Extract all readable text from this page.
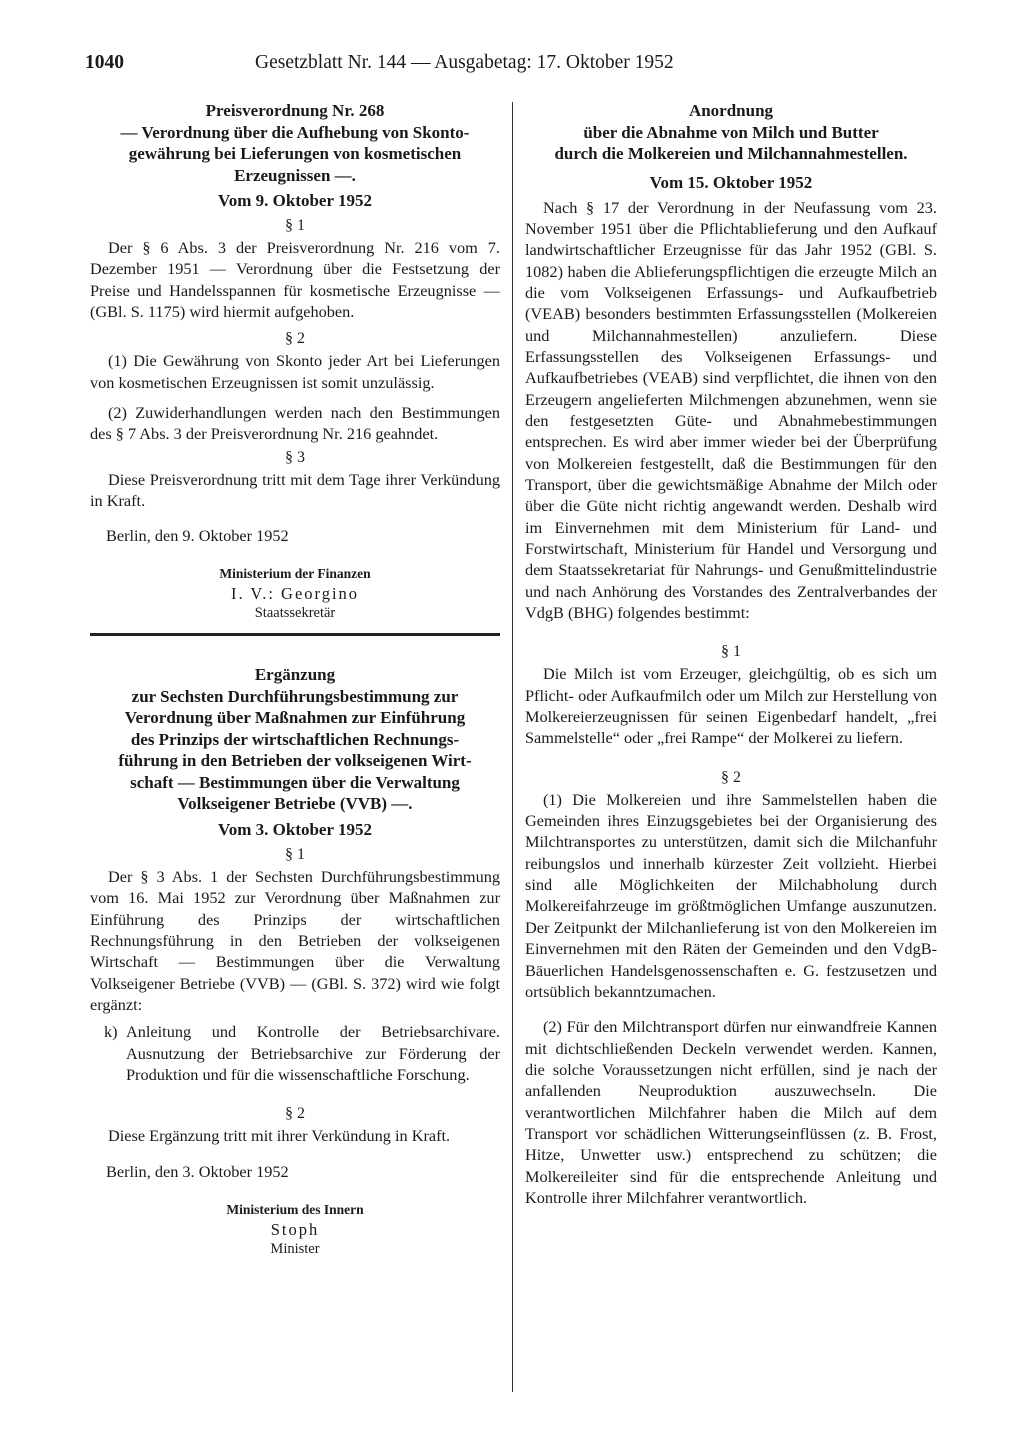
1040	Gesetzblatt Nr. 144 — Ausgabetag: 17. Oktober 1952
Preisverordnung Nr. 268
— Verordnung über die Aufhebung von Skonto-
gewährung bei Lieferungen von kosmetischen
Erzeugnissen —.
Vom 9. Oktober 1952
§ 1

Der § 6 Abs. 3 der Preisverordnung Nr. 216 vom 7. Dezember 1951 — Verordnung über die Festsetzung der Preise und Handelsspannen für kosmetische Erzeugnisse — (GBl. S. 1175) wird hiermit aufgehoben.

§ 2

(1) Die Gewährung von Skonto jeder Art bei Lieferungen von kosmetischen Erzeugnissen ist somit unzulässig.

(2) Zuwiderhandlungen werden nach den Bestimmungen des § 7 Abs. 3 der Preisverordnung Nr. 216 geahndet.

§ 3

Diese Preisverordnung tritt mit dem Tage ihrer Verkündung in Kraft.

Berlin, den 9. Oktober 1952
Ministerium der Finanzen
I. V.: Georgino
Staatssekretär
Ergänzung
zur Sechsten Durchführungsbestimmung zur
Verordnung über Maßnahmen zur Einführung
des Prinzips der wirtschaftlichen Rechnungs-
führung in den Betrieben der volkseigenen Wirt-
schaft — Bestimmungen über die Verwaltung
Volkseigener Betriebe (VVB) —.
Vom 3. Oktober 1952
§ 1

Der § 3 Abs. 1 der Sechsten Durchführungsbestimmung vom 16. Mai 1952 zur Verordnung über Maßnahmen zur Einführung des Prinzips der wirtschaftlichen Rechnungsführung in den Betrieben der volkseigenen Wirtschaft — Bestimmungen über die Verwaltung Volkseigener Betriebe (VVB) — (GBl. S. 372) wird wie folgt ergänzt:

k) Anleitung und Kontrolle der Betriebsarchivare. Ausnutzung der Betriebsarchive zur Förderung der Produktion und für die wissenschaftliche Forschung.
§ 2

Diese Ergänzung tritt mit ihrer Verkündung in Kraft.

Berlin, den 3. Oktober 1952
Ministerium des Innern
Stoph
Minister
Anordnung
über die Abnahme von Milch und Butter
durch die Molkereien und Milchannahmestellen.
Vom 15. Oktober 1952

Nach § 17 der Verordnung in der Neufassung vom 23. November 1951 über die Pflichtablieferung und den Aufkauf landwirtschaftlicher Erzeugnisse für das Jahr 1952 (GBl. S. 1082) haben die Ablieferungspflichtigen die erzeugte Milch an die vom Volkseigenen Erfassungs- und Aufkaufbetrieb (VEAB) besonders bestimmten Erfassungsstellen (Molkereien und Milchannahmestellen) anzuliefern. Diese Erfassungsstellen des Volkseigenen Erfassungs- und Aufkaufbetriebes (VEAB) sind verpflichtet, die ihnen von den Erzeugern angelieferten Milchmengen abzunehmen, wenn sie den festgesetzten Güte- und Abnahmebestimmungen entsprechen. Es wird aber immer wieder bei der Überprüfung von Molkereien festgestellt, daß die Bestimmungen für den Transport, über die gewichtsmäßige Abnahme der Milch oder über die Güte nicht richtig angewandt werden. Deshalb wird im Einvernehmen mit dem Ministerium für Land- und Forstwirtschaft, Ministerium für Handel und Versorgung und dem Staatssekretariat für Nahrungs- und Genußmittelindustrie und nach Anhörung des Vorstandes des Zentralverbandes der VdgB (BHG) folgendes bestimmt:

§ 1

Die Milch ist vom Erzeuger, gleichgültig, ob es sich um Pflicht- oder Aufkaufmilch oder um Milch zur Herstellung von Molkereierzeugnissen für seinen Eigenbedarf handelt, „frei Sammelstelle“ oder „frei Rampe“ der Molkerei zu liefern.

§ 2

(1) Die Molkereien und ihre Sammelstellen haben die Gemeinden ihres Einzugsgebietes bei der Organisierung des Milchtransportes zu unterstützen, damit sich die Milchanfuhr reibungslos und innerhalb kürzester Zeit vollzieht. Hierbei sind alle Möglichkeiten der Milchabholung durch Molkereifahrzeuge im größtmöglichen Umfange auszunutzen. Der Zeitpunkt der Milchanlieferung ist von den Molkereien im Einvernehmen mit den Räten der Gemeinden und den VdgB-Bäuerlichen Handelsgenossenschaften e. G. festzusetzen und ortsüblich bekanntzumachen.

(2) Für den Milchtransport dürfen nur einwandfreie Kannen mit dichtschließenden Deckeln verwendet werden. Kannen, die solche Voraussetzungen nicht erfüllen, sind je nach der anfallenden Neuproduktion auszuwechseln. Die verantwortlichen Milchfahrer haben die Milch auf dem Transport vor schädlichen Witterungseinflüssen (z. B. Frost, Hitze, Unwetter usw.) entsprechend zu schützen; die Molkereileiter sind für die entsprechende Anleitung und Kontrolle ihrer Milchfahrer verantwortlich.
